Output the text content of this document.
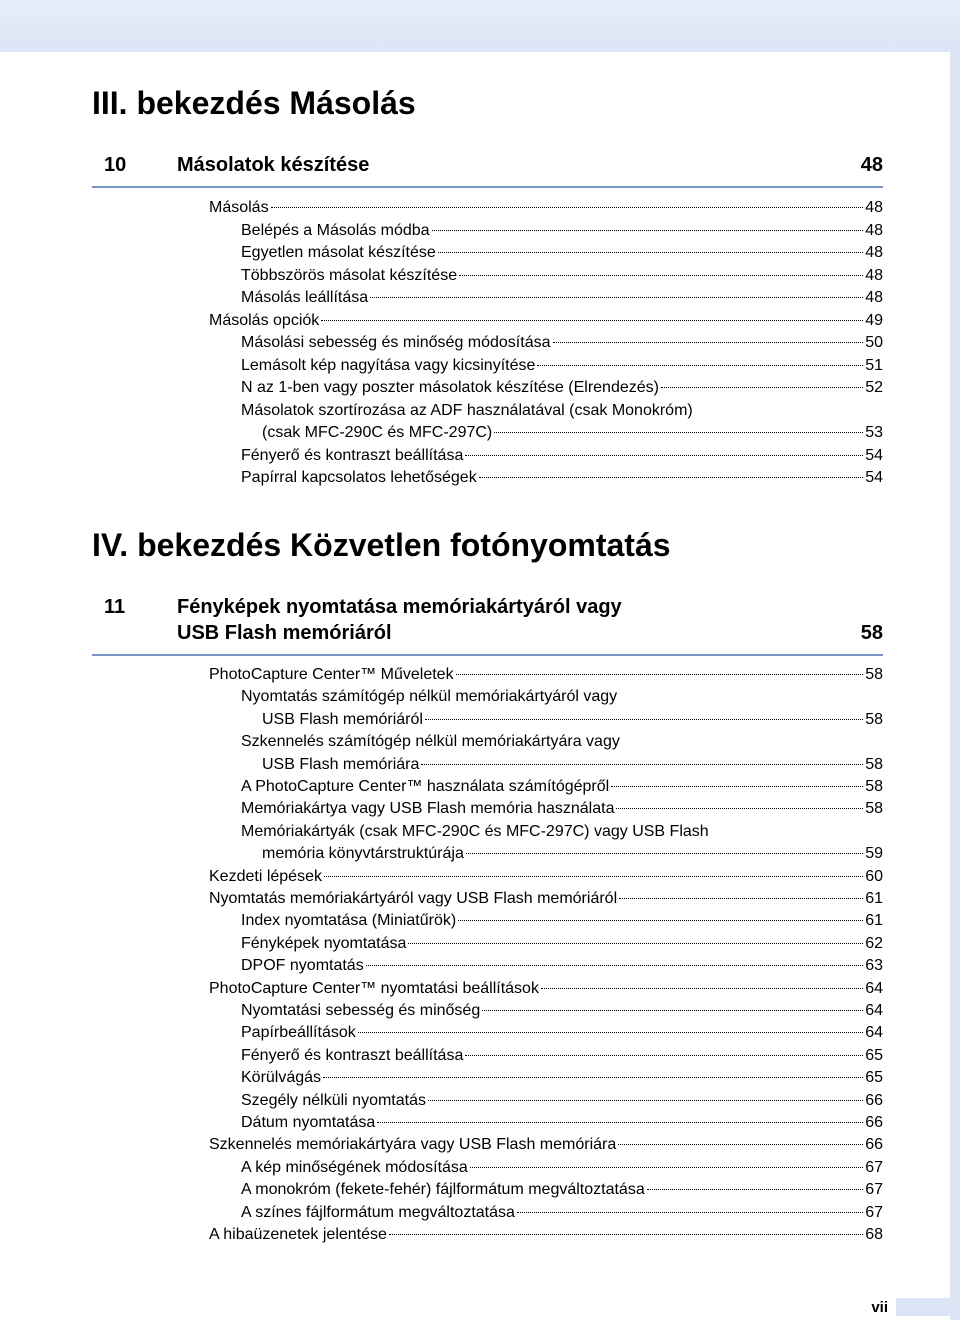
III. bekezdés Másolás
10	Másolatok készítése	48
Másolás	48
Belépés a Másolás módba	48
Egyetlen másolat készítése	48
Többszörös másolat készítése	48
Másolás leállítása	48
Másolás opciók	49
Másolási sebesség és minőség módosítása	50
Lemásolt kép nagyítása vagy kicsinyítése	51
N az 1-ben vagy poszter másolatok készítése (Elrendezés)	52
Másolatok szortírozása az ADF használatával (csak Monokróm)
(csak MFC-290C és MFC-297C)	53
Fényerő és kontraszt beállítása	54
Papírral kapcsolatos lehetőségek	54
IV. bekezdés Közvetlen fotónyomtatás
11	Fényképek nyomtatása memóriakártyáról vagy
USB Flash memóriáról	58
PhotoCapture Center™ Műveletek	58
Nyomtatás számítógép nélkül memóriakártyáról vagy
USB Flash memóriáról	58
Szkennelés számítógép nélkül memóriakártyára vagy
USB Flash memóriára	58
A PhotoCapture Center™ használata számítógépről	58
Memóriakártya vagy USB Flash memória használata	58
Memóriakártyák (csak MFC-290C és MFC-297C) vagy USB Flash
memória könyvtárstruktúrája	59
Kezdeti lépések	60
Nyomtatás memóriakártyáról vagy USB Flash memóriáról	61
Index nyomtatása (Miniatűrök)	61
Fényképek nyomtatása	62
DPOF nyomtatás	63
PhotoCapture Center™ nyomtatási beállítások	64
Nyomtatási sebesség és minőség	64
Papírbeállítások	64
Fényerő és kontraszt beállítása	65
Körülvágás	65
Szegély nélküli nyomtatás	66
Dátum nyomtatása	66
Szkennelés memóriakártyára vagy USB Flash memóriára	66
A kép minőségének módosítása	67
A monokróm (fekete-fehér) fájlformátum megváltoztatása	67
A színes fájlformátum megváltoztatása	67
A hibaüzenetek jelentése	68
vii
